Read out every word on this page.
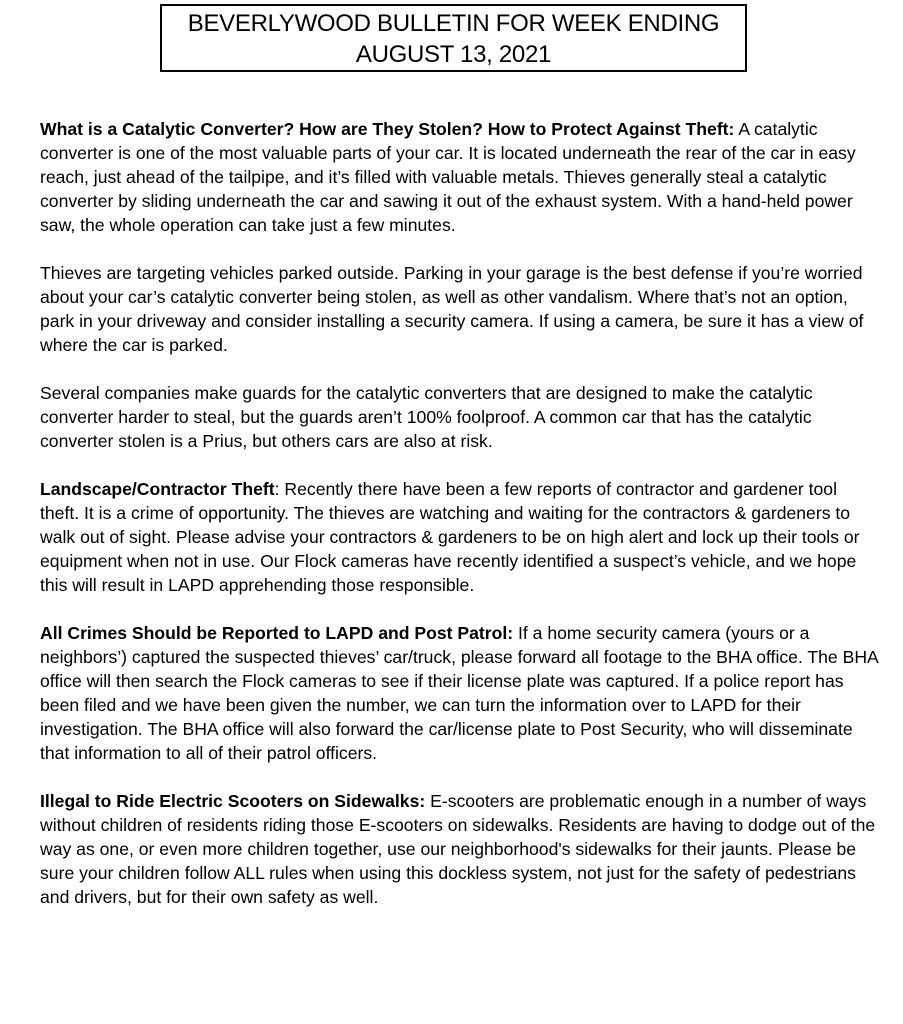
BEVERLYWOOD BULLETIN FOR WEEK ENDING
AUGUST 13, 2021

What is a Catalytic Converter? How are They Stolen? How to Protect Against Theft: A catalytic converter is one of the most valuable parts of your car. It is located underneath the rear of the car in easy reach, just ahead of the tailpipe, and it’s filled with valuable metals. Thieves generally steal a catalytic converter by sliding underneath the car and sawing it out of the exhaust system. With a hand-held power saw, the whole operation can take just a few minutes.

Thieves are targeting vehicles parked outside. Parking in your garage is the best defense if you’re worried about your car’s catalytic converter being stolen, as well as other vandalism. Where that’s not an option, park in your driveway and consider installing a security camera. If using a camera, be sure it has a view of where the car is parked.

Several companies make guards for the catalytic converters that are designed to make the catalytic converter harder to steal, but the guards aren’t 100% foolproof. A common car that has the catalytic converter stolen is a Prius, but others cars are also at risk.

Landscape/Contractor Theft: Recently there have been a few reports of contractor and gardener tool theft. It is a crime of opportunity. The thieves are watching and waiting for the contractors & gardeners to walk out of sight. Please advise your contractors & gardeners to be on high alert and lock up their tools or equipment when not in use. Our Flock cameras have recently identified a suspect’s vehicle, and we hope this will result in LAPD apprehending those responsible.

All Crimes Should be Reported to LAPD and Post Patrol: If a home security camera (yours or a neighbors’) captured the suspected thieves’ car/truck, please forward all footage to the BHA office. The BHA office will then search the Flock cameras to see if their license plate was captured. If a police report has been filed and we have been given the number, we can turn the information over to LAPD for their investigation. The BHA office will also forward the car/license plate to Post Security, who will disseminate that information to all of their patrol officers.

Illegal to Ride Electric Scooters on Sidewalks: E-scooters are problematic enough in a number of ways without children of residents riding those E-scooters on sidewalks. Residents are having to dodge out of the way as one, or even more children together, use our neighborhood's sidewalks for their jaunts. Please be sure your children follow ALL rules when using this dockless system, not just for the safety of pedestrians and drivers, but for their own safety as well.
